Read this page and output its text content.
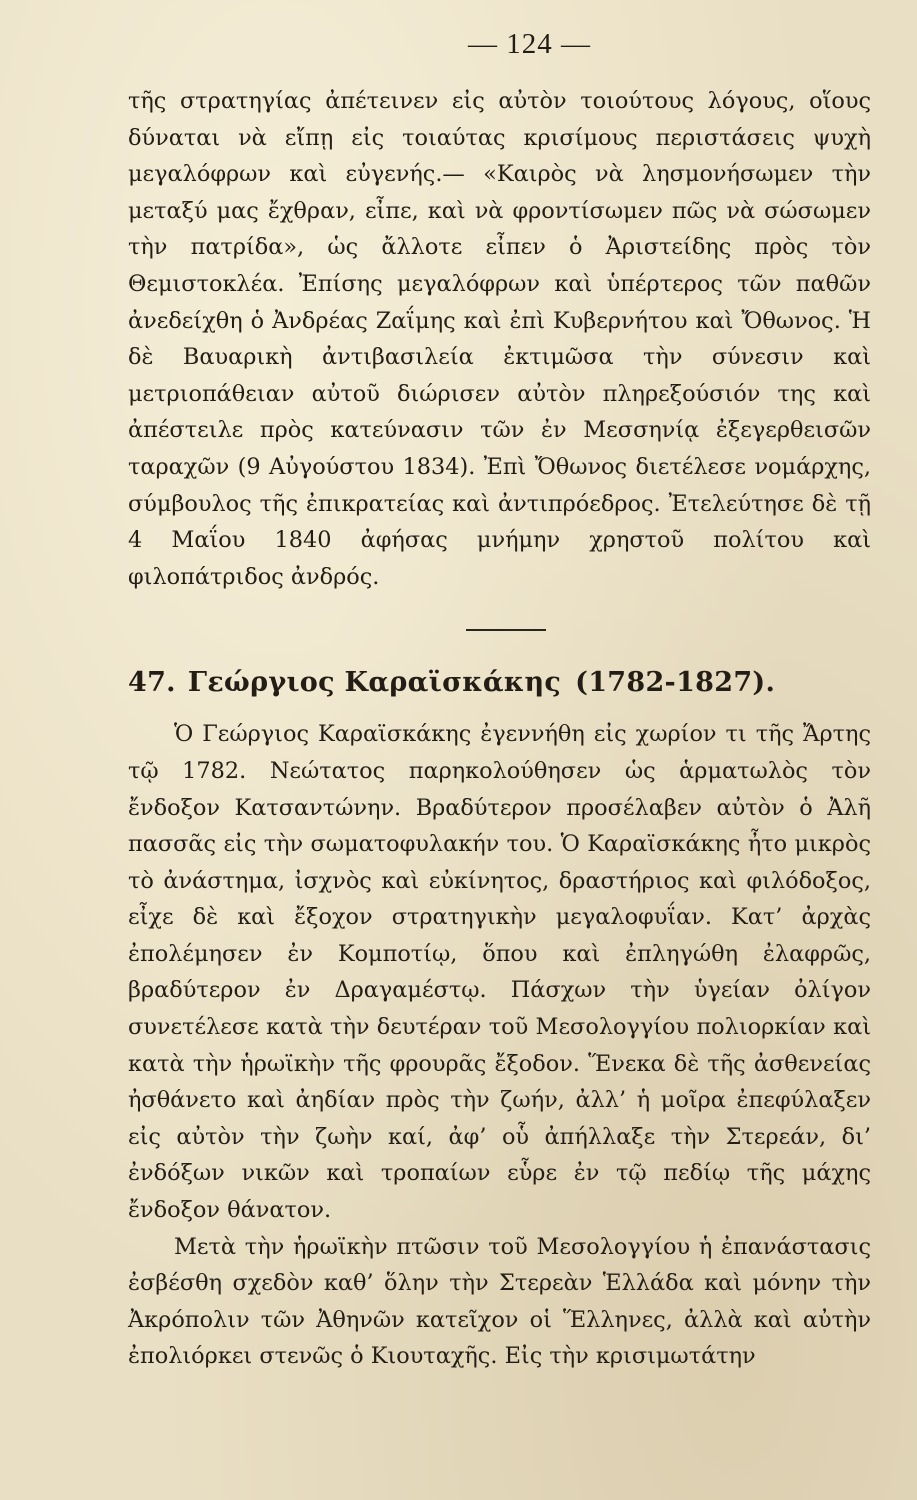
— 124 —

τῆς στρατηγίας ἀπέτεινεν εἰς αὐτὸν τοιούτους λόγους, οἵους δύναται νὰ εἴπῃ εἰς τοιαύτας κρισίμους περιστάσεις ψυχὴ μεγαλόφρων καὶ εὐγενής.— «Καιρὸς νὰ λησμονήσωμεν τὴν μεταξύ μας ἔχθραν, εἶπε, καὶ νὰ φροντίσωμεν πῶς νὰ σώσωμεν τὴν πατρίδα», ὡς ἄλλοτε εἶπεν ὁ Ἀριστείδης πρὸς τὸν Θεμιστοκλέα. Ἐπίσης μεγαλόφρων καὶ ὑπέρτερος τῶν παθῶν ἀνεδείχθη ὁ Ἀνδρέας Ζαΐμης καὶ ἐπὶ Κυβερνήτου καὶ Ὄθωνος. Ἡ δὲ Βαυαρικὴ ἀντιβασιλεία ἐκτιμῶσα τὴν σύνεσιν καὶ μετριοπάθειαν αὐτοῦ διώρισεν αὐτὸν πληρεξούσιόν της καὶ ἀπέστειλε πρὸς κατεύνασιν τῶν ἐν Μεσσηνίᾳ ἐξεγερθεισῶν ταραχῶν (9 Αὐγούστου 1834). Ἐπὶ Ὄθωνος διετέλεσε νομάρχης, σύμβουλος τῆς ἐπικρατείας καὶ ἀντιπρόεδρος. Ἐτελεύτησε δὲ τῇ 4 Μαΐου 1840 ἀφήσας μνήμην χρηστοῦ πολίτου καὶ φιλοπάτριδος ἀνδρός.

47. Γεώργιος Καραϊσκάκης (1782-1827).

Ὁ Γεώργιος Καραϊσκάκης ἐγεννήθη εἰς χωρίον τι τῆς Ἄρτης τῷ 1782. Νεώτατος παρηκολούθησεν ὡς ἁρματωλὸς τὸν ἔνδοξον Κατσαντώνην. Βραδύτερον προσέλαβεν αὐτὸν ὁ Ἀλῆ πασσᾶς εἰς τὴν σωματοφυλακήν του. Ὁ Καραϊσκάκης ἦτο μικρὸς τὸ ἀνάστημα, ἰσχνὸς καὶ εὐκίνητος, δραστήριος καὶ φιλόδοξος, εἶχε δὲ καὶ ἔξοχον στρατηγικὴν μεγαλοφυΐαν. Κατ’ ἀρχὰς ἐπολέμησεν ἐν Κομποτίῳ, ὅπου καὶ ἐπληγώθη ἐλαφρῶς, βραδύτερον ἐν Δραγαμέστῳ. Πάσχων τὴν ὑγείαν ὀλίγον συνετέλεσε κατὰ τὴν δευτέραν τοῦ Μεσολογγίου πολιορκίαν καὶ κατὰ τὴν ἡρωϊκὴν τῆς φρουρᾶς ἔξοδον. Ἕνεκα δὲ τῆς ἀσθενείας ἠσθάνετο καὶ ἀηδίαν πρὸς τὴν ζωήν, ἀλλ’ ἡ μοῖρα ἐπεφύλαξεν εἰς αὐτὸν τὴν ζωὴν καί, ἀφ’ οὗ ἀπήλλαξε τὴν Στερεάν, δι’ ἐνδόξων νικῶν καὶ τροπαίων εὗρε ἐν τῷ πεδίῳ τῆς μάχης ἔνδοξον θάνατον.

Μετὰ τὴν ἡρωϊκὴν πτῶσιν τοῦ Μεσολογγίου ἡ ἐπανάστασις ἐσβέσθη σχεδὸν καθ’ ὅλην τὴν Στερεὰν Ἑλλάδα καὶ μόνην τὴν Ἀκρόπολιν τῶν Ἀθηνῶν κατεῖχον οἱ Ἕλληνες, ἀλλὰ καὶ αὐτὴν ἐπολιόρκει στενῶς ὁ Κιουταχῆς. Εἰς τὴν κρισιμωτάτην
